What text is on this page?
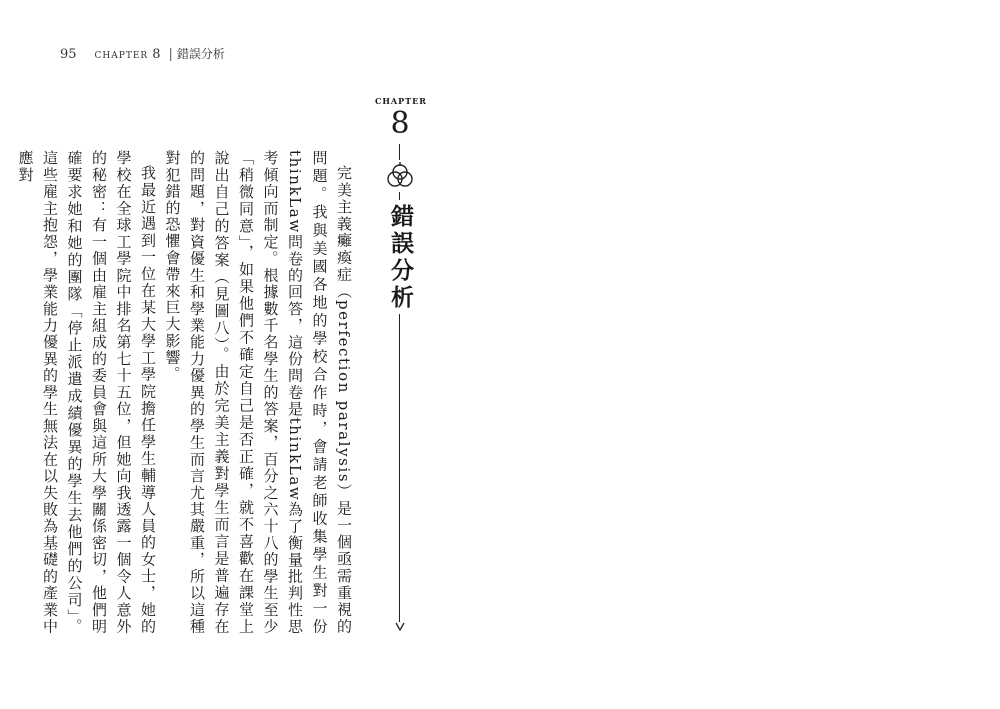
95 CHAPTER 8 | 錯誤分析

完美主義癱瘓症（perfection paralysis）是一個亟需重視的問題。我與美國各地的學校合作時，會請老師收集學生對一份thinkLaw問卷的回答，這份問卷是thinkLaw為了衡量批判性思考傾向而制定。根據數千名學生的答案，百分之六十八的學生至少「稍微同意」，如果他們不確定自己是否正確，就不喜歡在課堂上說出自己的答案（見圖八）。由於完美主義對學生而言是普遍存在的問題，對資優生和學業能力優異的學生而言尤其嚴重，所以這種對犯錯的恐懼會帶來巨大影響。

我最近遇到一位在某大學工學院擔任學生輔導人員的女士，她的學校在全球工學院中排名第七十五位，但她向我透露一個令人意外的秘密：有一個由雇主組成的委員會與這所大學關係密切，他們明確要求她和她的團隊「停止派遣成績優異的學生去他們的公司」。這些雇主抱怨，學業能力優異的學生無法在以失敗為基礎的產業中應對

CHAPTER
8
錯誤分析
